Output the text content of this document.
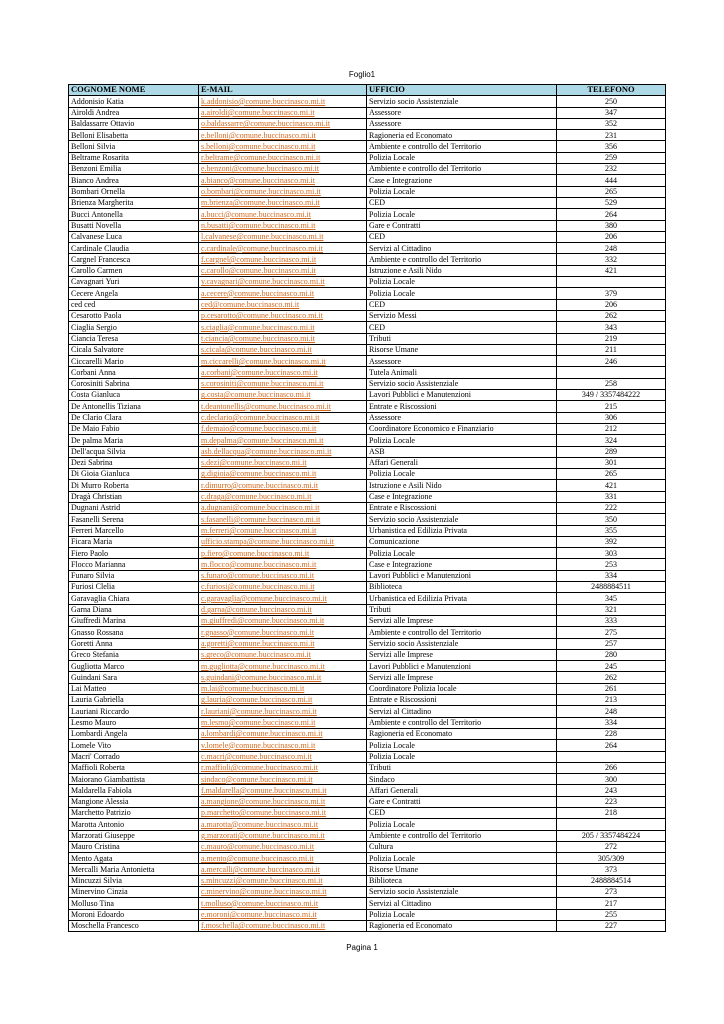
Foglio1
COGNOME NOME	E-MAIL	UFFICIO	TELEFONO
Addonisio Katia	k.addonisio@comune.buccinasco.mi.it	Servizio socio Assistenziale	250
Airoldi Andrea	a.airoldi@comune.buccinasco.mi.it	Assessore	347
Baldassarre Ottavio	o.baldassarre@comune.buccinasco.mi.it	Assessore	352
Belloni Elisabetta	e.belloni@comune.buccinasco.mi.it	Ragioneria ed Economato	231
Belloni Silvia	s.belloni@comune.buccinasco.mi.it	Ambiente e controllo del Territorio	356
Beltrame Rosarita	r.beltrame@comune.buccinasco.mi.it	Polizia Locale	259
Benzoni Emilia	e.benzoni@comune.buccinasco.mi.it	Ambiente e controllo del Territorio	232
Bianco Andrea	a.bianco@comune.buccinasco.mi.it	Case e Integrazione	444
Bombari Ornella	o.bombari@comune.buccinasco.mi.it	Polizia Locale	265
Brienza Margherita	m.brienza@comune.buccinasco.mi.it	CED	529
Bucci Antonella	a.bucci@comune.buccinasco.mi.it	Polizia Locale	264
Busatti Novella	n.busatti@comune.buccinasco.mi.it	Gare e Contratti	380
Calvanese Luca	l.calvanese@comune.buccinasco.mi.it	CED	206
Cardinale Claudia	c.cardinale@comune.buccinasco.mi.it	Servizi al Cittadino	248
Cargnel Francesca	f.cargnel@comune.buccinasco.mi.it	Ambiente e controllo del Territorio	332
Carollo Carmen	c.carollo@comune.buccinasco.mi.it	Istruzione e Asili Nido	421
Cavagnari Yuri	y.cavagnari@comune.buccinasco.mi.it	Polizia Locale	
Cecere Angela	a.cecere@comune.buccinasco.mi.it	Polizia Locale	379
ced ced	ced@comune.buccinasco.mi.it	CED	206
Cesarotto Paola	p.cesarotto@comune.buccinasco.mi.it	Servizio Messi	262
Ciaglia Sergio	s.ciaglia@comune.buccinasco.mi.it	CED	343
Ciancia Teresa	t.ciancia@comune.buccinasco.mi.it	Tributi	219
Cicala Salvatore	s.cicala@comune.buccinasco.mi.it	Risorse Umane	211
Ciccarelli Mario	m.ciccarelli@comune.buccinasco.mi.it	Assessore	246
Corbani Anna	a.corbani@comune.buccinasco.mi.it	Tutela Animali	
Corosiniti Sabrina	s.corosiniti@comune.buccinasco.mi.it	Servizio socio Assistenziale	258
Costa Gianluca	g.costa@comune.buccinasco.mi.it	Lavori Pubblici e Manutenzioni	349 / 3357484222
De Antonellis Tiziana	t.deantonellis@comune.buccinasco.mi.it	Entrate e Riscossioni	215
De Clario Clara	c.declario@comune.buccinasco.mi.it	Assessore	306
De Maio Fabio	f.demaio@comune.buccinasco.mi.it	Coordinatore Economico e Finanziario	212
De palma Maria	m.depalma@comune.buccinasco.mi.it	Polizia Locale	324
Dell'acqua Silvia	asb.dellacqua@comune.buccinasco.mi.it	ASB	289
Dezi Sabrina	s.dezi@comune.buccinasco.mi.it	Affari Generali	301
Di Gioia Gianluca	g.digioia@comune.buccinasco.mi.it	Polizia Locale	265
Di Murro Roberta	r.dimurro@comune.buccinasco.mi.it	Istruzione e Asili Nido	421
Dragà Christian	c.draga@comune.buccinasco.mi.it	Case e Integrazione	331
Dugnani Astrid	a.dugnani@comune.buccinasco.mi.it	Entrate e Riscossioni	222
Fasanelli Serena	s.fasanelli@comune.buccinasco.mi.it	Servizio socio Assistenziale	350
Ferreri Marcello	m.ferreri@comune.buccinasco.mi.it	Urbanistica ed Edilizia Privata	355
Ficara Maria	ufficio.stampa@comune.buccinasco.mi.it	Comunicazione	392
Fiero Paolo	p.fiero@comune.buccinasco.mi.it	Polizia Locale	303
Flocco Marianna	m.flocco@comune.buccinasco.mi.it	Case e Integrazione	253
Funaro Silvia	s.funaro@comune.buccinasco.mi.it	Lavori Pubblici e Manutenzioni	334
Furiosi Clelia	c.furiosi@comune.buccinasco.mi.it	Biblioteca	2488884511
Garavaglia Chiara	c.garavaglia@comune.buccinasco.mi.it	Urbanistica ed Edilizia Privata	345
Garna Diana	d.garna@comune.buccinasco.mi.it	Tributi	321
Giuffredi Marina	m.giuffredi@comune.buccinasco.mi.it	Servizi alle Imprese	333
Gnasso Rossana	r.gnasso@comune.buccinasco.mi.it	Ambiente e controllo del Territorio	275
Goretti Anna	a.goretti@comune.buccinasco.mi.it	Servizio socio Assistenziale	257
Greco Stefania	s.greco@comune.buccinasco.mi.it	Servizi alle Imprese	280
Gugliotta Marco	m.gugliotta@comune.buccinasco.mi.it	Lavori Pubblici e Manutenzioni	245
Guindani Sara	s.guindani@comune.buccinasco.mi.it	Servizi alle Imprese	262
Lai Matteo	m.lai@comune.buccinasco.mi.it	Coordinatore Polizia locale	261
Lauria Gabriella	g.lauria@comune.buccinasco.mi.it	Entrate e Riscossioni	213
Lauriani Riccardo	r.lauriani@comune.buccinasco.mi.it	Servizi al Cittadino	248
Lesmo Mauro	m.lesmo@comune.buccinasco.mi.it	Ambiente e controllo del Territorio	334
Lombardi Angela	a.lombardi@comune.buccinasco.mi.it	Ragioneria ed Economato	228
Lomele Vito	v.lomele@comune.buccinasco.mi.it	Polizia Locale	264
Macri' Corrado	c.macri@comune.buccinasco.mi.it	Polizia Locale	
Maffioli Roberta	r.maffioli@comune.buccinasco.mi.it	Tributi	266
Maiorano Giambattista	sindaco@comune.buccinasco.mi.it	Sindaco	300
Maldarella Fabiola	f.maldarella@comune.buccinasco.mi.it	Affari Generali	243
Mangione Alessia	a.mangione@comune.buccinasco.mi.it	Gare e Contratti	223
Marchetto Patrizio	p.marchetto@comune.buccinasco.mi.it	CED	218
Marotta Antonio	a.marotta@comune.buccinasco.mi.it	Polizia Locale	
Marzorati Giuseppe	g.marzorati@comune.buccinasco.mi.it	Ambiente e controllo del Territorio	205 / 3357484224
Mauro Cristina	c.mauro@comune.buccinasco.mi.it	Cultura	272
Mento Agata	a.mento@comune.buccinasco.mi.it	Polizia Locale	305/309
Mercalli Maria Antonietta	a.mercalli@comune.buccinasco.mi.it	Risorse Umane	373
Mincuzzi Silvia	s.mincuzzi@comune.buccinasco.mi.it	Biblioteca	2488884514
Minervino Cinzia	c.minervino@comune.buccinasco.mi.it	Servizio socio Assistenziale	273
Molluso Tina	t.molluso@comune.buccinasco.mi.it	Servizi al Cittadino	217
Moroni Edoardo	e.moroni@comune.buccinasco.mi.it	Polizia Locale	255
Moschella Francesco	f.moschella@comune.buccinasco.mi.it	Ragioneria ed Economato	227
Pagina 1
